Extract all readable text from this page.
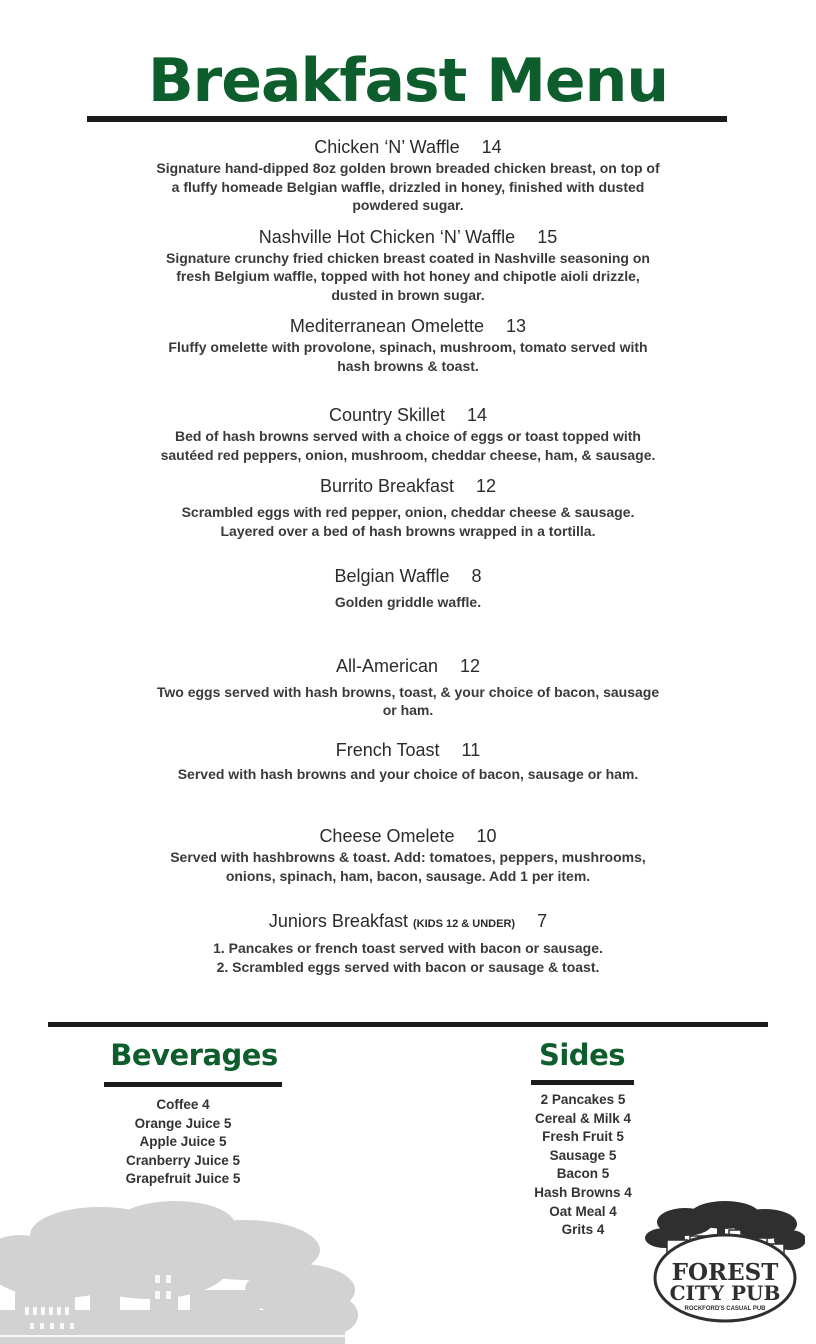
Breakfast Menu
Chicken ‘N’ Waffle 14
Signature hand-dipped 8oz golden brown breaded chicken breast, on top of a fluffy homeade Belgian waffle, drizzled in honey, finished with dusted powdered sugar.
Nashville Hot Chicken ‘N’ Waffle 15
Signature crunchy fried chicken breast coated in Nashville seasoning on fresh Belgium waffle, topped with hot honey and chipotle aioli drizzle, dusted in brown sugar.
Mediterranean Omelette 13
Fluffy omelette with provolone, spinach, mushroom, tomato served with hash browns & toast.
Country Skillet 14
Bed of hash browns served with a choice of eggs or toast topped with sautéed red peppers, onion, mushroom, cheddar cheese, ham, & sausage.
Burrito Breakfast 12
Scrambled eggs with red pepper, onion, cheddar cheese & sausage. Layered over a bed of hash browns wrapped in a tortilla.
Belgian Waffle 8
Golden griddle waffle.
All-American 12
Two eggs served with hash browns, toast, & your choice of bacon, sausage or ham.
French Toast 11
Served with hash browns and your choice of bacon, sausage or ham.
Cheese Omelete 10
Served with hashbrowns & toast. Add: tomatoes, peppers, mushrooms, onions, spinach, ham, bacon, sausage. Add 1 per item.
Juniors Breakfast (KIDS 12 & UNDER) 7
1. Pancakes or french toast served with bacon or sausage.
2. Scrambled eggs served with bacon or sausage & toast.
Beverages
Coffee 4
Orange Juice 5
Apple Juice 5
Cranberry Juice 5
Grapefruit Juice 5
Sides
2 Pancakes 5
Cereal & Milk 4
Fresh Fruit 5
Sausage 5
Bacon 5
Hash Browns 4
Oat Meal 4
Grits 4
FOREST
CITY PUB
ROCKFORD'S CASUAL PUB
